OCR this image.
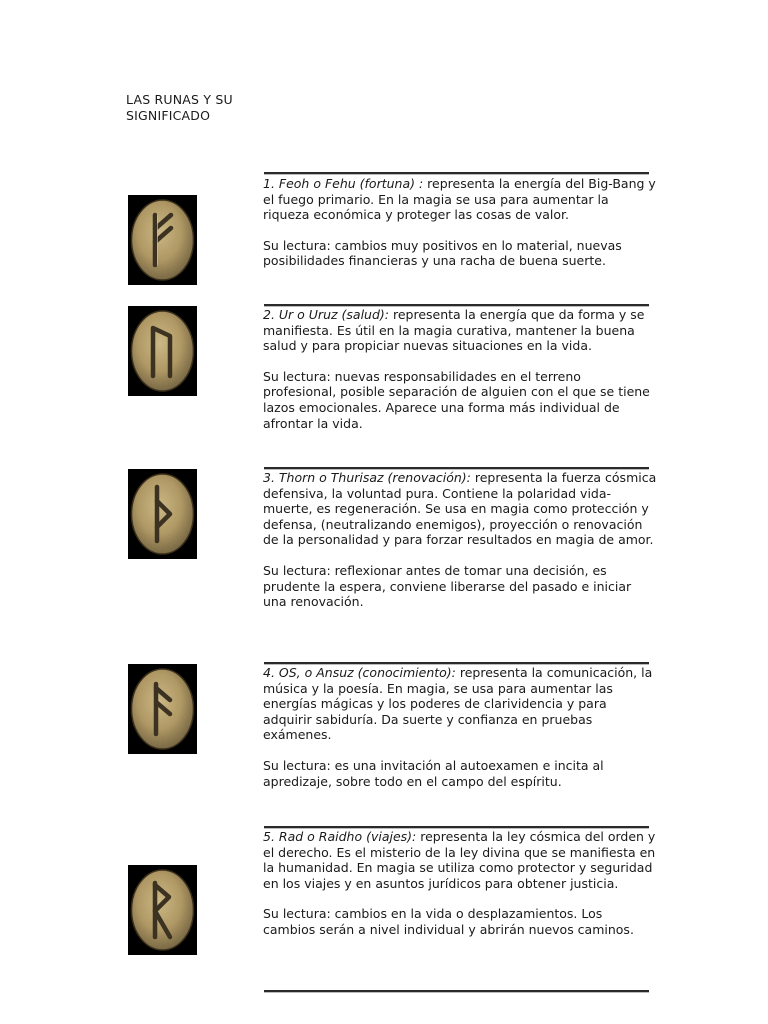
LAS RUNAS Y SU
SIGNIFICADO

1. Feoh o Fehu (fortuna) : representa la energía del Big-Bang y el fuego primario. En la magia se usa para aumentar la riqueza económica y proteger las cosas de valor.

Su lectura: cambios muy positivos en lo material, nuevas posibilidades financieras y una racha de buena suerte.

2. Ur o Uruz (salud): representa la energía que da forma y se manifiesta. Es útil en la magia curativa, mantener la buena salud y para propiciar nuevas situaciones en la vida.

Su lectura: nuevas responsabilidades en el terreno profesional, posible separación de alguien con el que se tiene lazos emocionales. Aparece una forma más individual de afrontar la vida.

3. Thorn o Thurisaz (renovación): representa la fuerza cósmica defensiva, la voluntad pura. Contiene la polaridad vida-muerte, es regeneración. Se usa en magia como protección y defensa, (neutralizando enemigos), proyección o renovación de la personalidad y para forzar resultados en magia de amor.

Su lectura: reflexionar antes de tomar una decisión, es prudente la espera, conviene liberarse del pasado e iniciar una renovación.

4. OS, o Ansuz (conocimiento): representa la comunicación, la música y la poesía. En magia, se usa para aumentar las energías mágicas y los poderes de clarividencia y para adquirir sabiduría. Da suerte y confianza en pruebas exámenes.

Su lectura: es una invitación al autoexamen e incita al apredizaje, sobre todo en el campo del espíritu.

5. Rad o Raidho (viajes): representa la ley cósmica del orden y el derecho. Es el misterio de la ley divina que se manifiesta en la humanidad. En magia se utiliza como protector y seguridad en los viajes y en asuntos jurídicos para obtener justicia.

Su lectura: cambios en la vida o desplazamientos. Los cambios serán a nivel individual y abrirán nuevos caminos.
